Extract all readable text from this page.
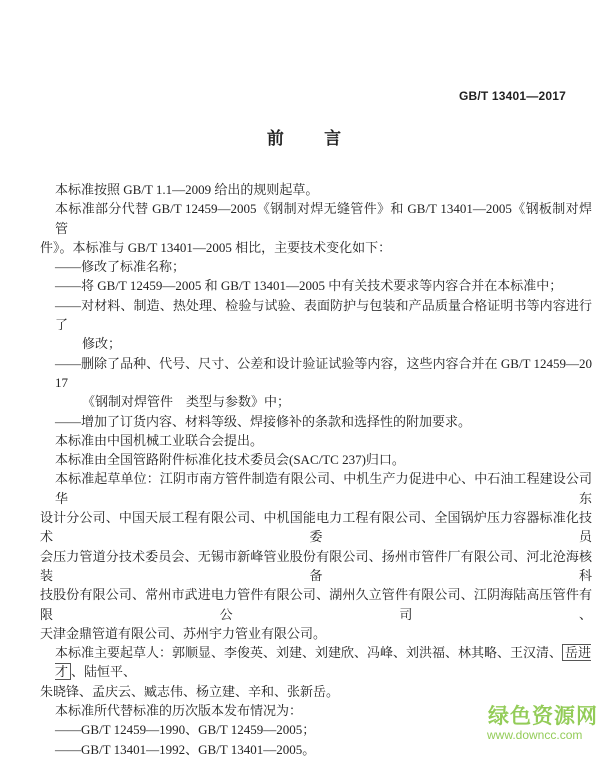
GB/T 13401—2017
前 言
本标准按照 GB/T 1.1—2009 给出的规则起草。
本标准部分代替 GB/T 12459—2005《钢制对焊无缝管件》和 GB/T 13401—2005《钢板制对焊管
件》。本标准与 GB/T 13401—2005 相比，主要技术变化如下：
——修改了标准名称；
——将 GB/T 12459—2005 和 GB/T 13401—2005 中有关技术要求等内容合并在本标准中；
——对材料、制造、热处理、检验与试验、表面防护与包装和产品质量合格证明书等内容进行了
修改；
——删除了品种、代号、尺寸、公差和设计验证试验等内容，这些内容合并在 GB/T 12459—2017
《钢制对焊管件　类型与参数》中；
——增加了订货内容、材料等级、焊接修补的条款和选择性的附加要求。
本标准由中国机械工业联合会提出。
本标准由全国管路附件标准化技术委员会(SAC/TC 237)归口。
本标准起草单位：江阴市南方管件制造有限公司、中机生产力促进中心、中石油工程建设公司华东
设计分公司、中国天辰工程有限公司、中机国能电力工程有限公司、全国锅炉压力容器标准化技术委员
会压力管道分技术委员会、无锡市新峰管业股份有限公司、扬州市管件厂有限公司、河北沧海核装备科
技股份有限公司、常州市武进电力管件有限公司、湖州久立管件有限公司、江阴海陆高压管件有限公司、
天津金鼎管道有限公司、苏州宇力管业有限公司。
本标准主要起草人：郭顺显、李俊英、刘建、刘建欣、冯峰、刘洪福、林其略、王汉清、 岳进才 、陆恒平、
朱晓锋、孟庆云、臧志伟、杨立建、辛和、张新岳。
本标准所代替标准的历次版本发布情况为：
——GB/T 12459—1990、GB/T 12459—2005；
——GB/T 13401—1992、GB/T 13401—2005。
绿色资源网
www.downcc.com
